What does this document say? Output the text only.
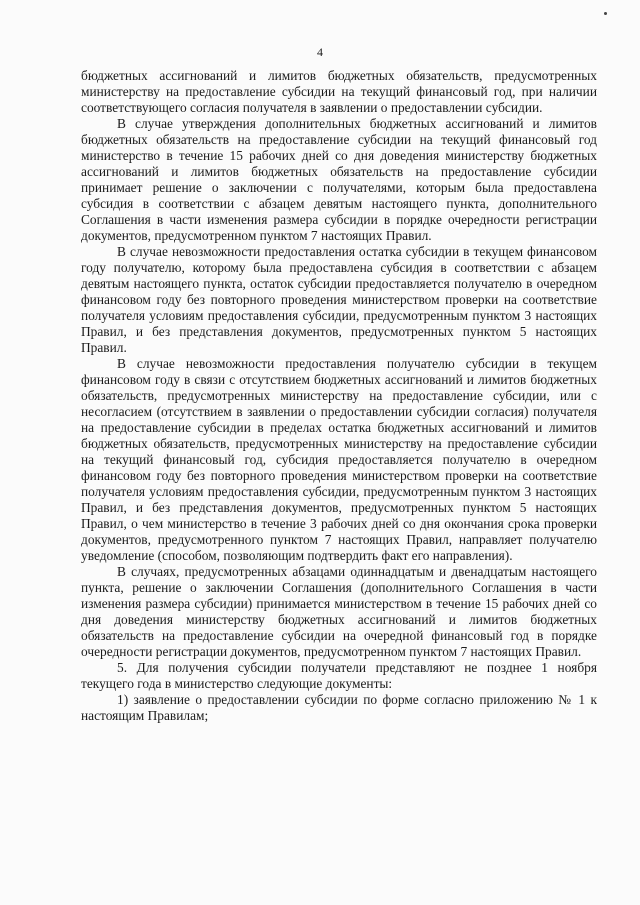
4

бюджетных ассигнований и лимитов бюджетных обязательств, предусмотренных министерству на предоставление субсидии на текущий финансовый год, при наличии соответствующего согласия получателя в заявлении о предоставлении субсидии.

В случае утверждения дополнительных бюджетных ассигнований и лимитов бюджетных обязательств на предоставление субсидии на текущий финансовый год министерство в течение 15 рабочих дней со дня доведения министерству бюджетных ассигнований и лимитов бюджетных обязательств на предоставление субсидии принимает решение о заключении с получателями, которым была предоставлена субсидия в соответствии с абзацем девятым настоящего пункта, дополнительного Соглашения в части изменения размера субсидии в порядке очередности регистрации документов, предусмотренном пунктом 7 настоящих Правил.

В случае невозможности предоставления остатка субсидии в текущем финансовом году получателю, которому была предоставлена субсидия в соответствии с абзацем девятым настоящего пункта, остаток субсидии предоставляется получателю в очередном финансовом году без повторного проведения министерством проверки на соответствие получателя условиям предоставления субсидии, предусмотренным пунктом 3 настоящих Правил, и без представления документов, предусмотренных пунктом 5 настоящих Правил.

В случае невозможности предоставления получателю субсидии в текущем финансовом году в связи с отсутствием бюджетных ассигнований и лимитов бюджетных обязательств, предусмотренных министерству на предоставление субсидии, или с несогласием (отсутствием в заявлении о предоставлении субсидии согласия) получателя на предоставление субсидии в пределах остатка бюджетных ассигнований и лимитов бюджетных обязательств, предусмотренных министерству на предоставление субсидии на текущий финансовый год, субсидия предоставляется получателю в очередном финансовом году без повторного проведения министерством проверки на соответствие получателя условиям предоставления субсидии, предусмотренным пунктом 3 настоящих Правил, и без представления документов, предусмотренных пунктом 5 настоящих Правил, о чем министерство в течение 3 рабочих дней со дня окончания срока проверки документов, предусмотренного пунктом 7 настоящих Правил, направляет получателю уведомление (способом, позволяющим подтвердить факт его направления).

В случаях, предусмотренных абзацами одиннадцатым и двенадцатым настоящего пункта, решение о заключении Соглашения (дополнительного Соглашения в части изменения размера субсидии) принимается министерством в течение 15 рабочих дней со дня доведения министерству бюджетных ассигнований и лимитов бюджетных обязательств на предоставление субсидии на очередной финансовый год в порядке очередности регистрации документов, предусмотренном пунктом 7 настоящих Правил.

5. Для получения субсидии получатели представляют не позднее 1 ноября текущего года в министерство следующие документы:

1) заявление о предоставлении субсидии по форме согласно приложению № 1 к настоящим Правилам;
